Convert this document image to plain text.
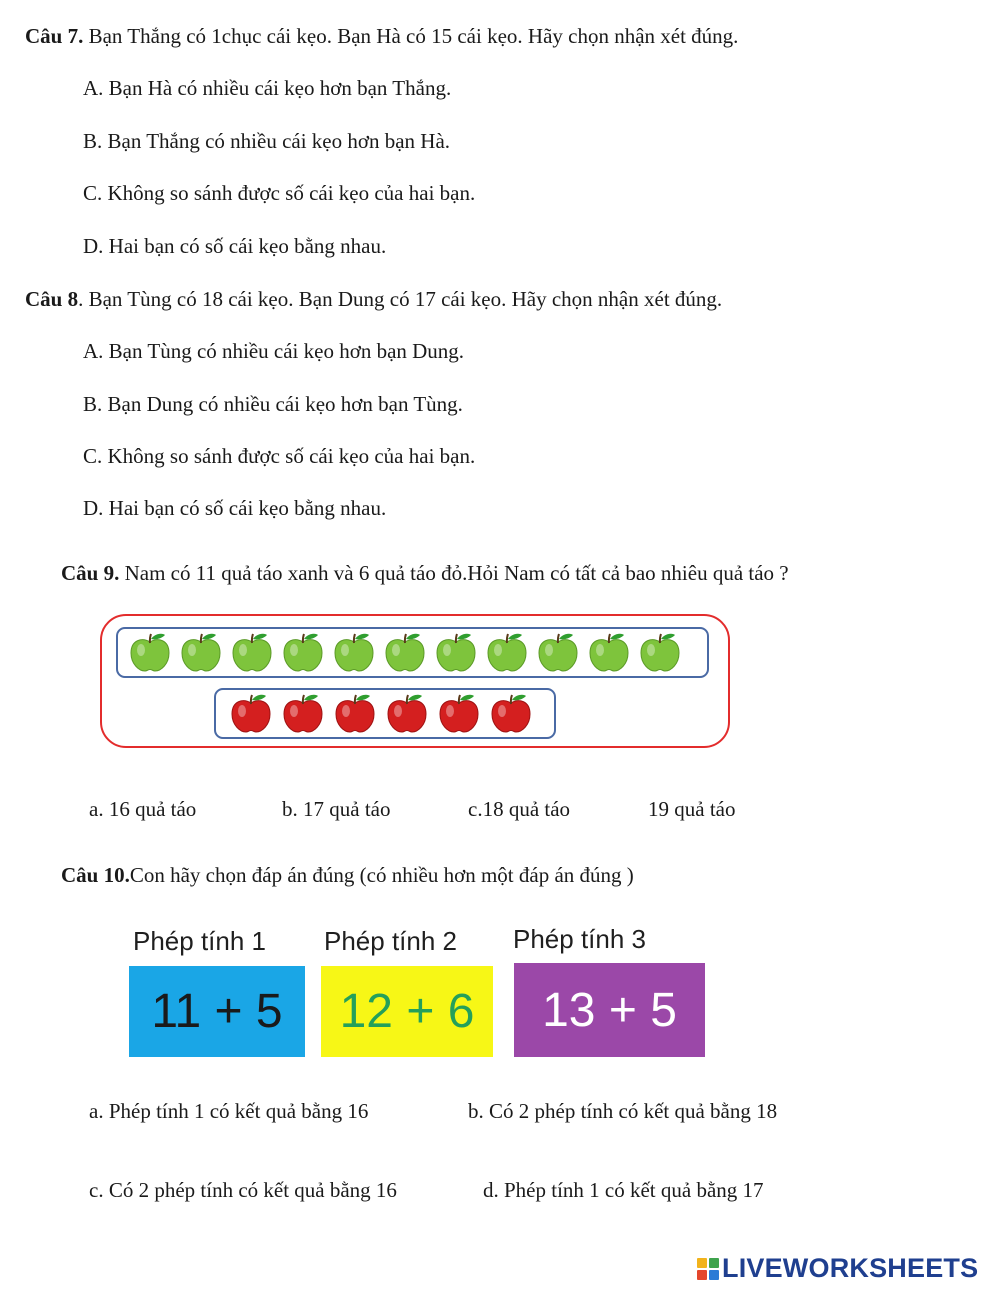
Câu 7. Bạn Thắng có 1chục cái kẹo. Bạn Hà có 15 cái kẹo. Hãy chọn nhận xét đúng.
A. Bạn Hà có nhiều cái kẹo hơn bạn Thắng.
B. Bạn Thắng có nhiều cái kẹo hơn bạn Hà.
C. Không so sánh được số cái kẹo của hai bạn.
D. Hai bạn có số cái kẹo bằng nhau.
Câu 8. Bạn Tùng có 18 cái kẹo. Bạn Dung có 17 cái kẹo. Hãy chọn nhận xét đúng.
A. Bạn Tùng có nhiều cái kẹo hơn bạn Dung.
B. Bạn Dung có nhiều cái kẹo hơn bạn Tùng.
C. Không so sánh được số cái kẹo của hai bạn.
D. Hai bạn có số cái kẹo bằng nhau.
Câu 9. Nam có 11 quả táo xanh và 6 quả táo đỏ.Hỏi Nam có tất cả bao nhiêu quả táo ?
a. 16 quả táo	b. 17 quả táo	c.18 quả táo	19 quả táo
Câu 10.Con hãy chọn đáp án đúng (có nhiều hơn một đáp án đúng )
Phép tính 1
11 + 5
Phép tính 2
12 + 6
Phép tính 3
13 + 5
a. Phép tính 1 có kết quả bằng 16	b. Có 2 phép tính có kết quả bằng 18
c. Có 2 phép tính có kết quả bằng 16	d. Phép tính 1 có kết quả bằng 17
LIVEWORKSHEETS
